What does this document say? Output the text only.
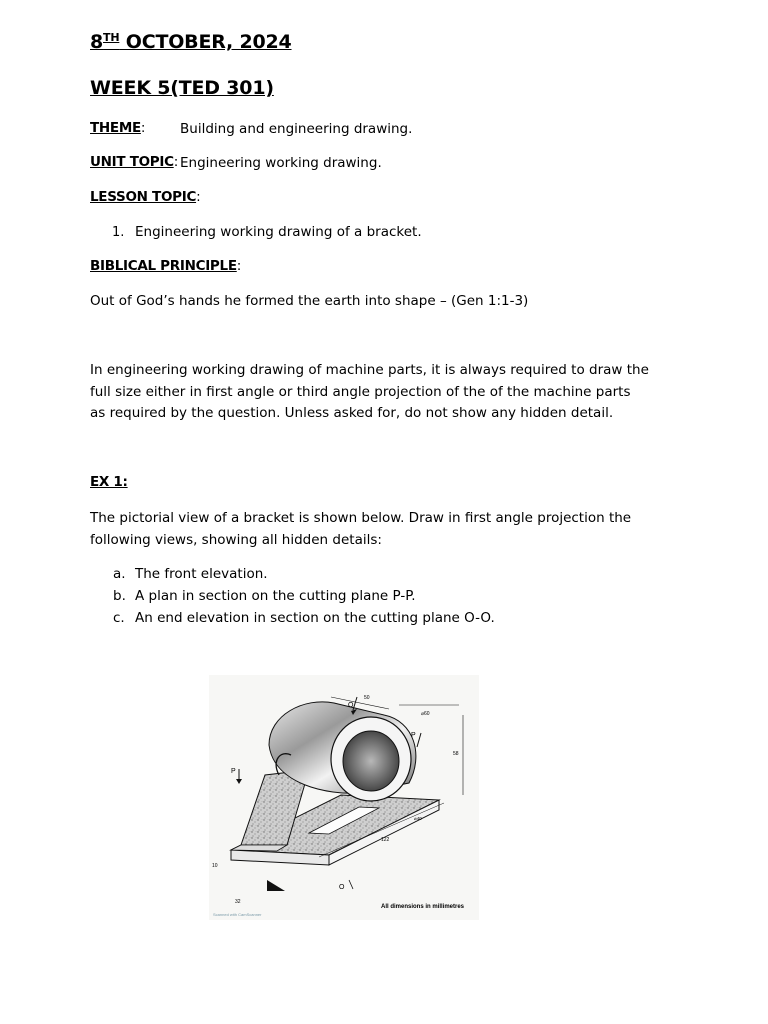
8TH OCTOBER, 2024
WEEK 5(TED 301)
THEME:	Building and engineering drawing.
UNIT TOPIC: Engineering working drawing.
LESSON TOPIC:
1. Engineering working drawing of a bracket.
BIBLICAL PRINCIPLE:
Out of God’s hands he formed the earth into shape – (Gen 1:1-3)
In engineering working drawing of machine parts, it is always required to draw the full size either in first angle or third angle projection of the of the machine parts as required by the question. Unless asked for, do not show any hidden detail.
EX 1:
The pictorial view of a bracket is shown below. Draw in first angle projection the following views, showing all hidden details:
a. The front elevation.
b. A plan in section on the cutting plane P-P.
c. An end elevation in section on the cutting plane O-O.
50
O
⌀60
P
P
58
⌀40
122
10
32
O
All dimensions in millimetres
Scanned with CamScanner
